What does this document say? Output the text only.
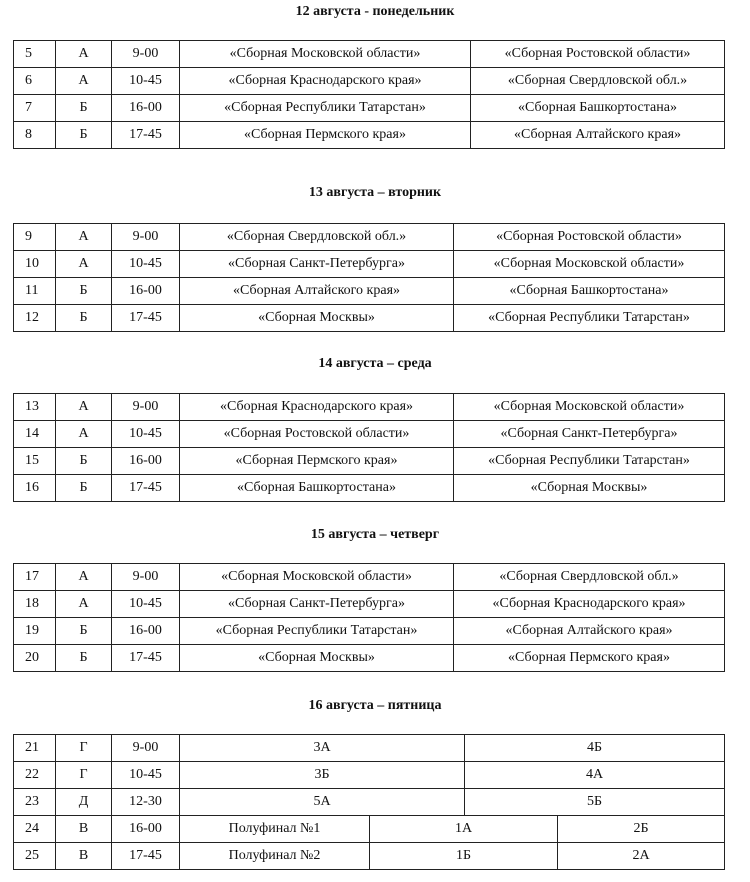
12 августа - понедельник
5	А	9-00	«Сборная Московской области»	«Сборная Ростовской области»
6	А	10-45	«Сборная Краснодарского края»	«Сборная Свердловской обл.»
7	Б	16-00	«Сборная Республики Татарстан»	«Сборная Башкортостана»
8	Б	17-45	«Сборная Пермского края»	«Сборная Алтайского края»
13 августа – вторник
9	А	9-00	«Сборная Свердловской обл.»	«Сборная Ростовской области»
10	А	10-45	«Сборная Санкт-Петербурга»	«Сборная Московской области»
11	Б	16-00	«Сборная Алтайского края»	«Сборная Башкортостана»
12	Б	17-45	«Сборная Москвы»	«Сборная Республики Татарстан»
14 августа – среда
13	А	9-00	«Сборная Краснодарского края»	«Сборная Московской области»
14	А	10-45	«Сборная Ростовской области»	«Сборная Санкт-Петербурга»
15	Б	16-00	«Сборная Пермского края»	«Сборная Республики Татарстан»
16	Б	17-45	«Сборная Башкортостана»	«Сборная Москвы»
15 августа – четверг
17	А	9-00	«Сборная Московской области»	«Сборная Свердловской обл.»
18	А	10-45	«Сборная Санкт-Петербурга»	«Сборная Краснодарского края»
19	Б	16-00	«Сборная Республики Татарстан»	«Сборная Алтайского края»
20	Б	17-45	«Сборная Москвы»	«Сборная Пермского края»
16 августа – пятница
21	Г	9-00	3А		4Б	
22	Г	10-45	3Б		4А	
23	Д	12-30	5А		5Б	
24	В	16-00	Полуфинал №1	1А		2Б
25	В	17-45	Полуфинал №2	1Б		2А
